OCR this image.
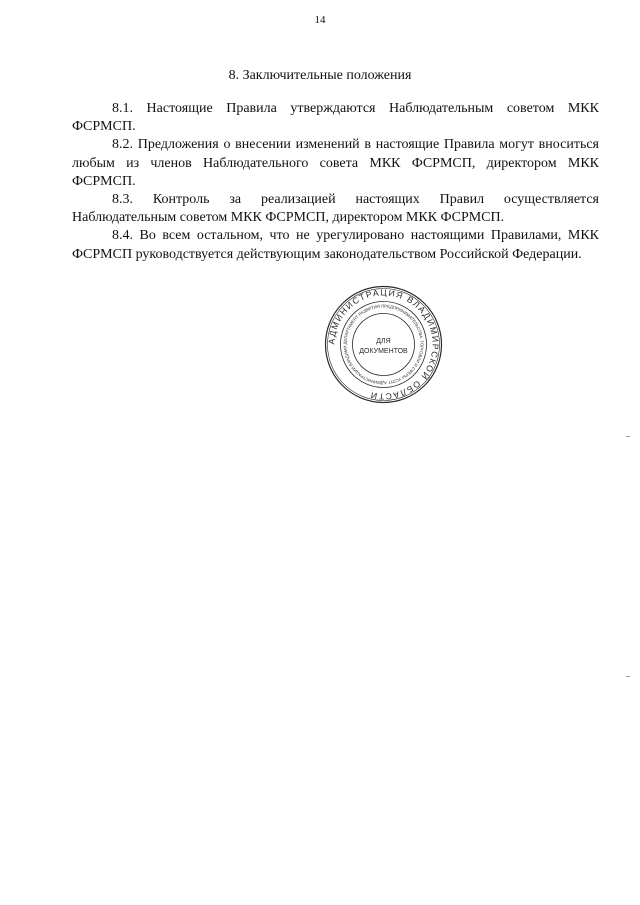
14
8. Заключительные положения

8.1. Настоящие Правила утверждаются Наблюдательным советом МКК ФСРМСП.

8.2. Предложения о внесении изменений в настоящие Правила могут вноситься любым из членов Наблюдательного совета МКК ФСРМСП, директором МКК ФСРМСП.

8.3. Контроль за реализацией настоящих Правил осуществляется Наблюдательным советом МКК ФСРМСП, директором МКК ФСРМСП.

8.4. Во всем остальном, что не урегулировано настоящими Правилами, МКК ФСРМСП руководствуется действующим законодательством Российской Федерации.

АДМИНИСТРАЦИЯ ВЛАДИМИРСКОЙ ОБЛАСТИ
ДЕПАРТАМЕНТ РАЗВИТИЯ ПРЕДПРИНИМАТЕЛЬСТВА, ТОРГОВЛИ И СФЕРЫ УСЛУГ АДМИНИСТРАЦИИ ВЛАДИМИ
ДЛЯ
ДОКУМЕНТОВ
